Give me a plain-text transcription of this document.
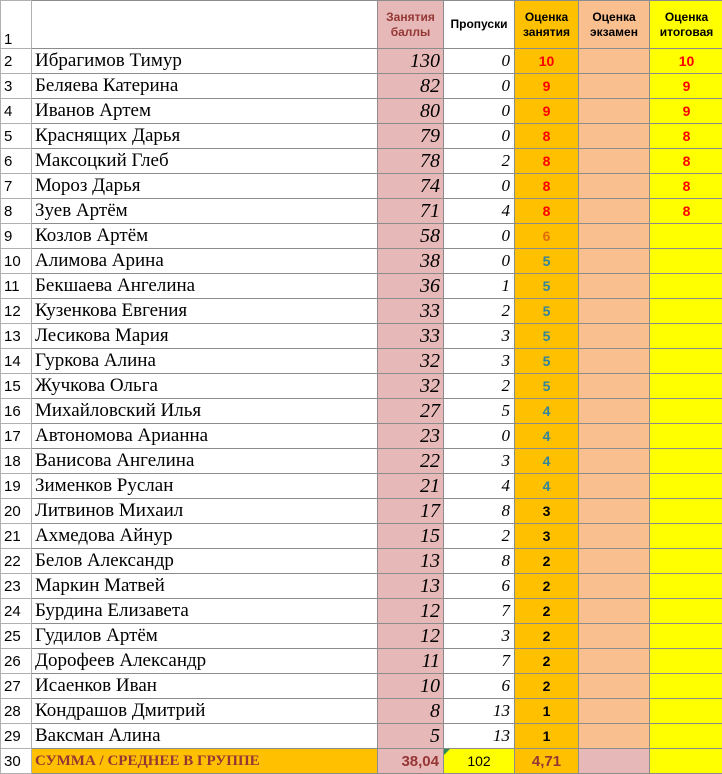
1		Занятия баллы	Пропуски	Оценка занятия	Оценка экзамен	Оценка итоговая
2	Ибрагимов Тимур	130	0	10		10
3	Беляева Катерина	82	0	9		9
4	Иванов Артем	80	0	9		9
5	Краснящих Дарья	79	0	8		8
6	Максоцкий Глеб	78	2	8		8
7	Мороз Дарья	74	0	8		8
8	Зуев Артём	71	4	8		8
9	Козлов Артём	58	0	6		
10	Алимова Арина	38	0	5		
11	Бекшаева Ангелина	36	1	5		
12	Кузенкова Евгения	33	2	5		
13	Лесикова Мария	33	3	5		
14	Гуркова Алина	32	3	5		
15	Жучкова Ольга	32	2	5		
16	Михайловский Илья	27	5	4		
17	Автономова Арианна	23	0	4		
18	Ванисова Ангелина	22	3	4		
19	Зименков Руслан	21	4	4		
20	Литвинов Михаил	17	8	3		
21	Ахмедова Айнур	15	2	3		
22	Белов Александр	13	8	2		
23	Маркин Матвей	13	6	2		
24	Бурдина Елизавета	12	7	2		
25	Гудилов Артём	12	3	2		
26	Дорофеев Александр	11	7	2		
27	Исаенков Иван	10	6	2		
28	Кондрашов Дмитрий	8	13	1		
29	Ваксман Алина	5	13	1		
30	СУММА / СРЕДНЕЕ В ГРУППЕ	38,04	102	4,71		
